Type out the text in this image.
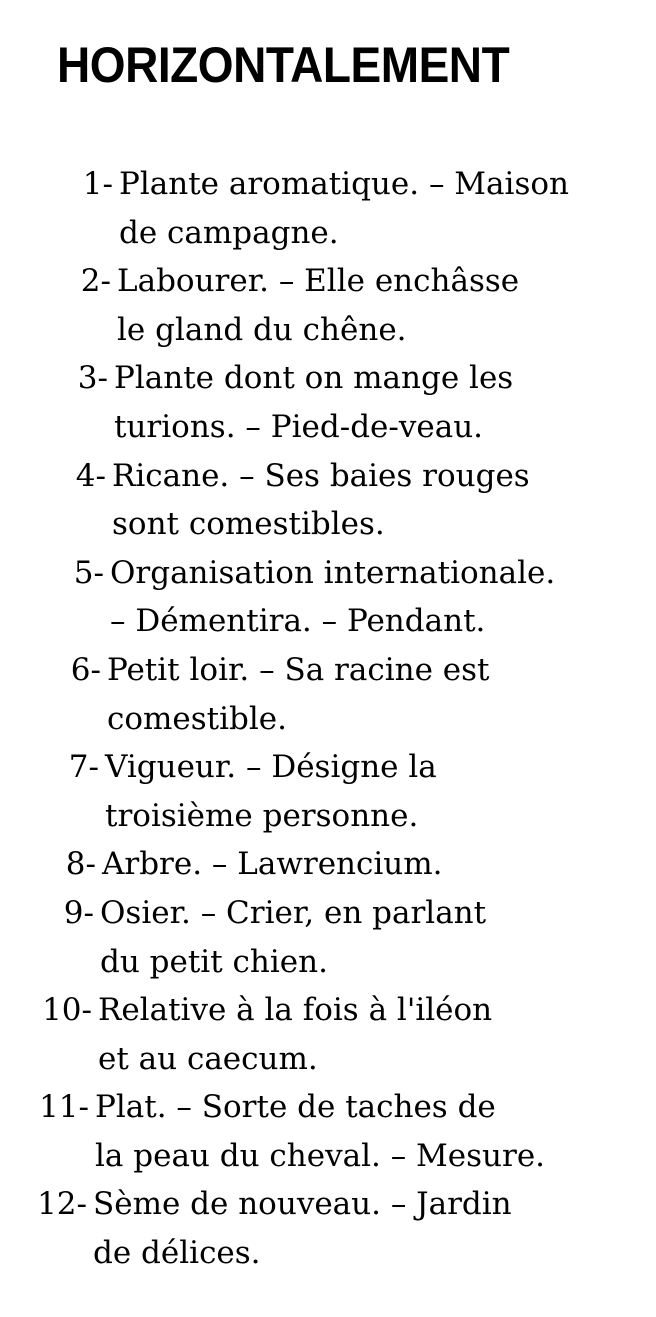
HORIZONTALEMENT
1- Plante aromatique. – Maison
de campagne.
2- Labourer. – Elle enchâsse
le gland du chêne.
3- Plante dont on mange les
turions. – Pied-de-veau.
4- Ricane. – Ses baies rouges
sont comestibles.
5- Organisation internationale.
– Démentira. – Pendant.
6- Petit loir. – Sa racine est
comestible.
7- Vigueur. – Désigne la
troisième personne.
8- Arbre. – Lawrencium.
9- Osier. – Crier, en parlant
du petit chien.
10- Relative à la fois à l'iléon
et au caecum.
11- Plat. – Sorte de taches de
la peau du cheval. – Mesure.
12- Sème de nouveau. – Jardin
de délices.
